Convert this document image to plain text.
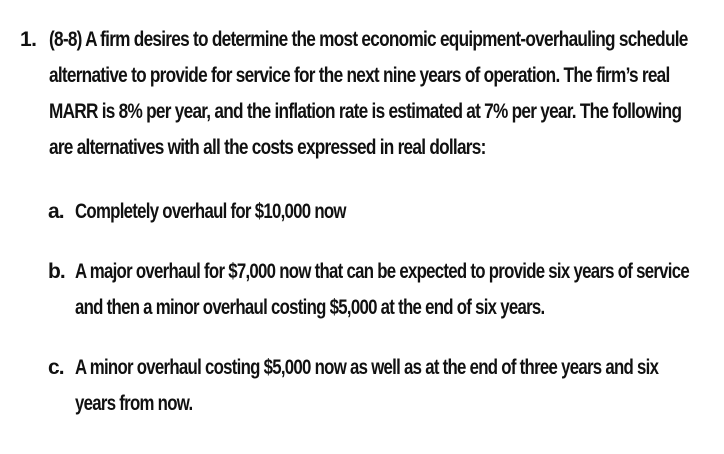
1. (8-8) A firm desires to determine the most economic equipment-overhauling schedule
alternative to provide for service for the next nine years of operation. The firm’s real
MARR is 8% per year, and the inflation rate is estimated at 7% per year. The following
are alternatives with all the costs expressed in real dollars:
a. Completely overhaul for $10,000 now
b. A major overhaul for $7,000 now that can be expected to provide six years of service
and then a minor overhaul costing $5,000 at the end of six years.
c. A minor overhaul costing $5,000 now as well as at the end of three years and six
years from now.
